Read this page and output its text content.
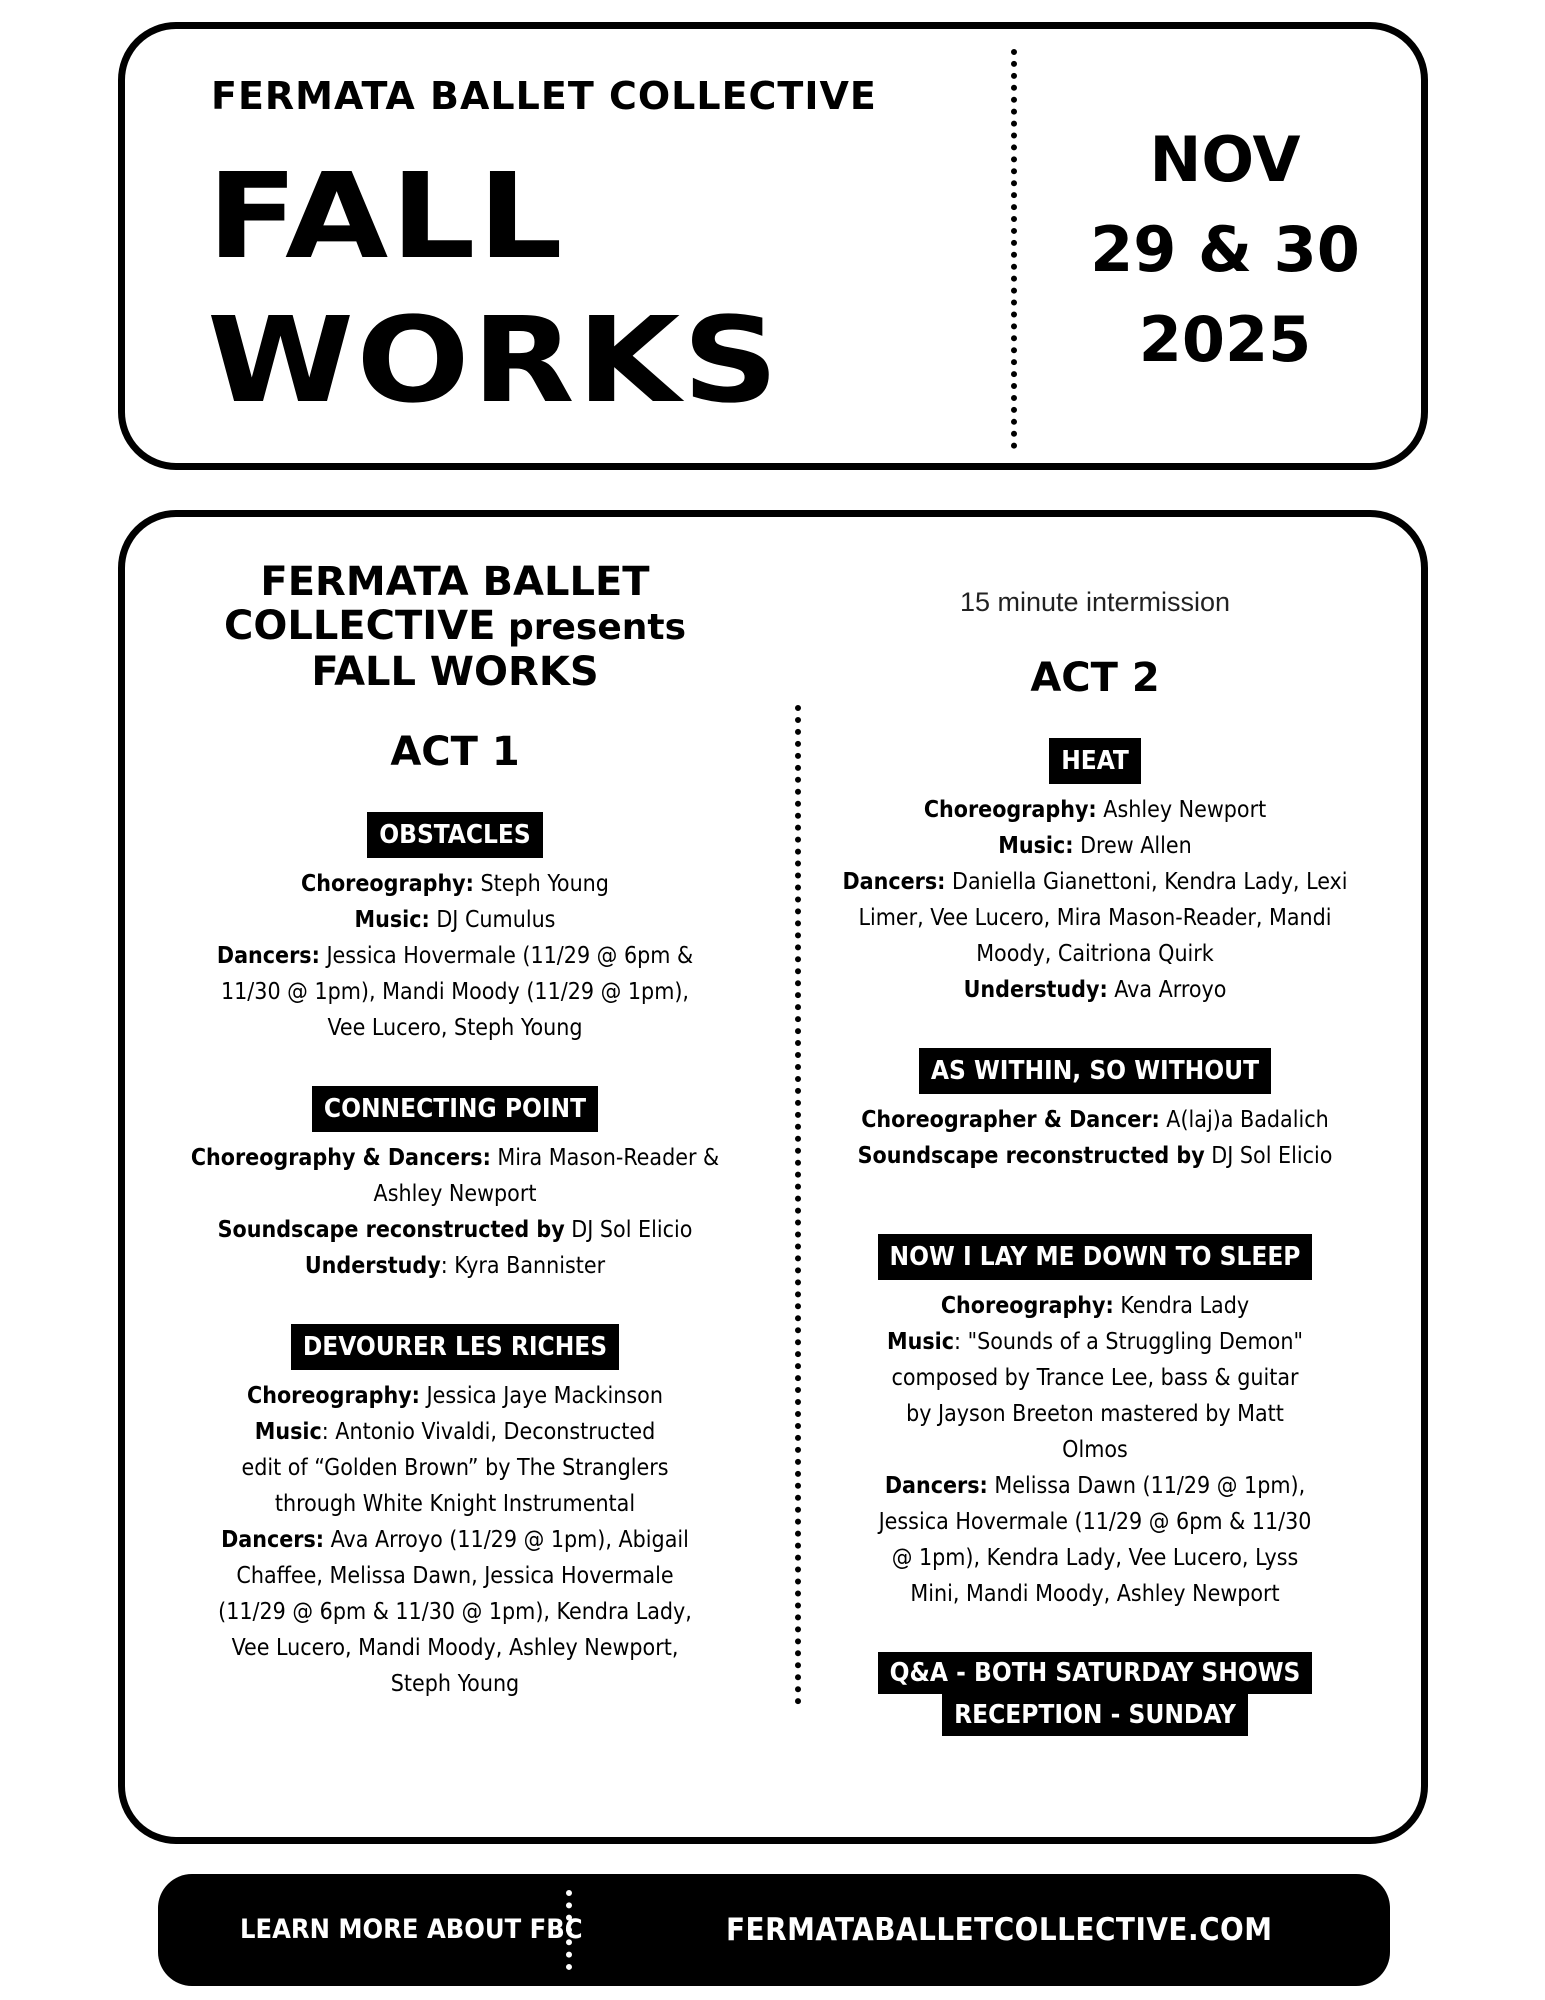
FERMATA BALLET COLLECTIVE
FALL
WORKS
NOV
29 & 30
2025

FERMATA BALLET

COLLECTIVE presents

FALL WORKS

ACT 1
OBSTACLES

Choreography: Steph Young

Music: DJ Cumulus

Dancers: Jessica Hovermale (11/29 @ 6pm & 11/30 @ 1pm), Mandi Moody (11/29 @ 1pm), Vee Lucero, Steph Young

CONNECTING POINT

Choreography & Dancers: Mira Mason-Reader & Ashley Newport

Soundscape reconstructed by DJ Sol Elicio

Understudy: Kyra Bannister

DEVOURER LES RICHES

Choreography: Jessica Jaye Mackinson

Music: Antonio Vivaldi, Deconstructed edit of “Golden Brown” by The Stranglers through White Knight Instrumental

Dancers: Ava Arroyo (11/29 @ 1pm), Abigail Chaffee, Melissa Dawn, Jessica Hovermale (11/29 @ 6pm & 11/30 @ 1pm), Kendra Lady, Vee Lucero, Mandi Moody, Ashley Newport, Steph Young

15 minute intermission
ACT 2
HEAT

Choreography: Ashley Newport

Music: Drew Allen

Dancers: Daniella Gianettoni, Kendra Lady, Lexi Limer, Vee Lucero, Mira Mason-Reader, Mandi Moody, Caitriona Quirk

Understudy: Ava Arroyo

AS WITHIN, SO WITHOUT

Choreographer & Dancer: A(laj)a Badalich

Soundscape reconstructed by DJ Sol Elicio

NOW I LAY ME DOWN TO SLEEP

Choreography: Kendra Lady

Music: "Sounds of a Struggling Demon" composed by Trance Lee, bass & guitar by Jayson Breeton mastered by Matt Olmos

Dancers: Melissa Dawn (11/29 @ 1pm), Jessica Hovermale (11/29 @ 6pm & 11/30 @ 1pm), Kendra Lady, Vee Lucero, Lyss Mini, Mandi Moody, Ashley Newport

Q&A - BOTH SATURDAY SHOWS
RECEPTION - SUNDAY
LEARN MORE ABOUT FBC	FERMATABALLETCOLLECTIVE.COM
